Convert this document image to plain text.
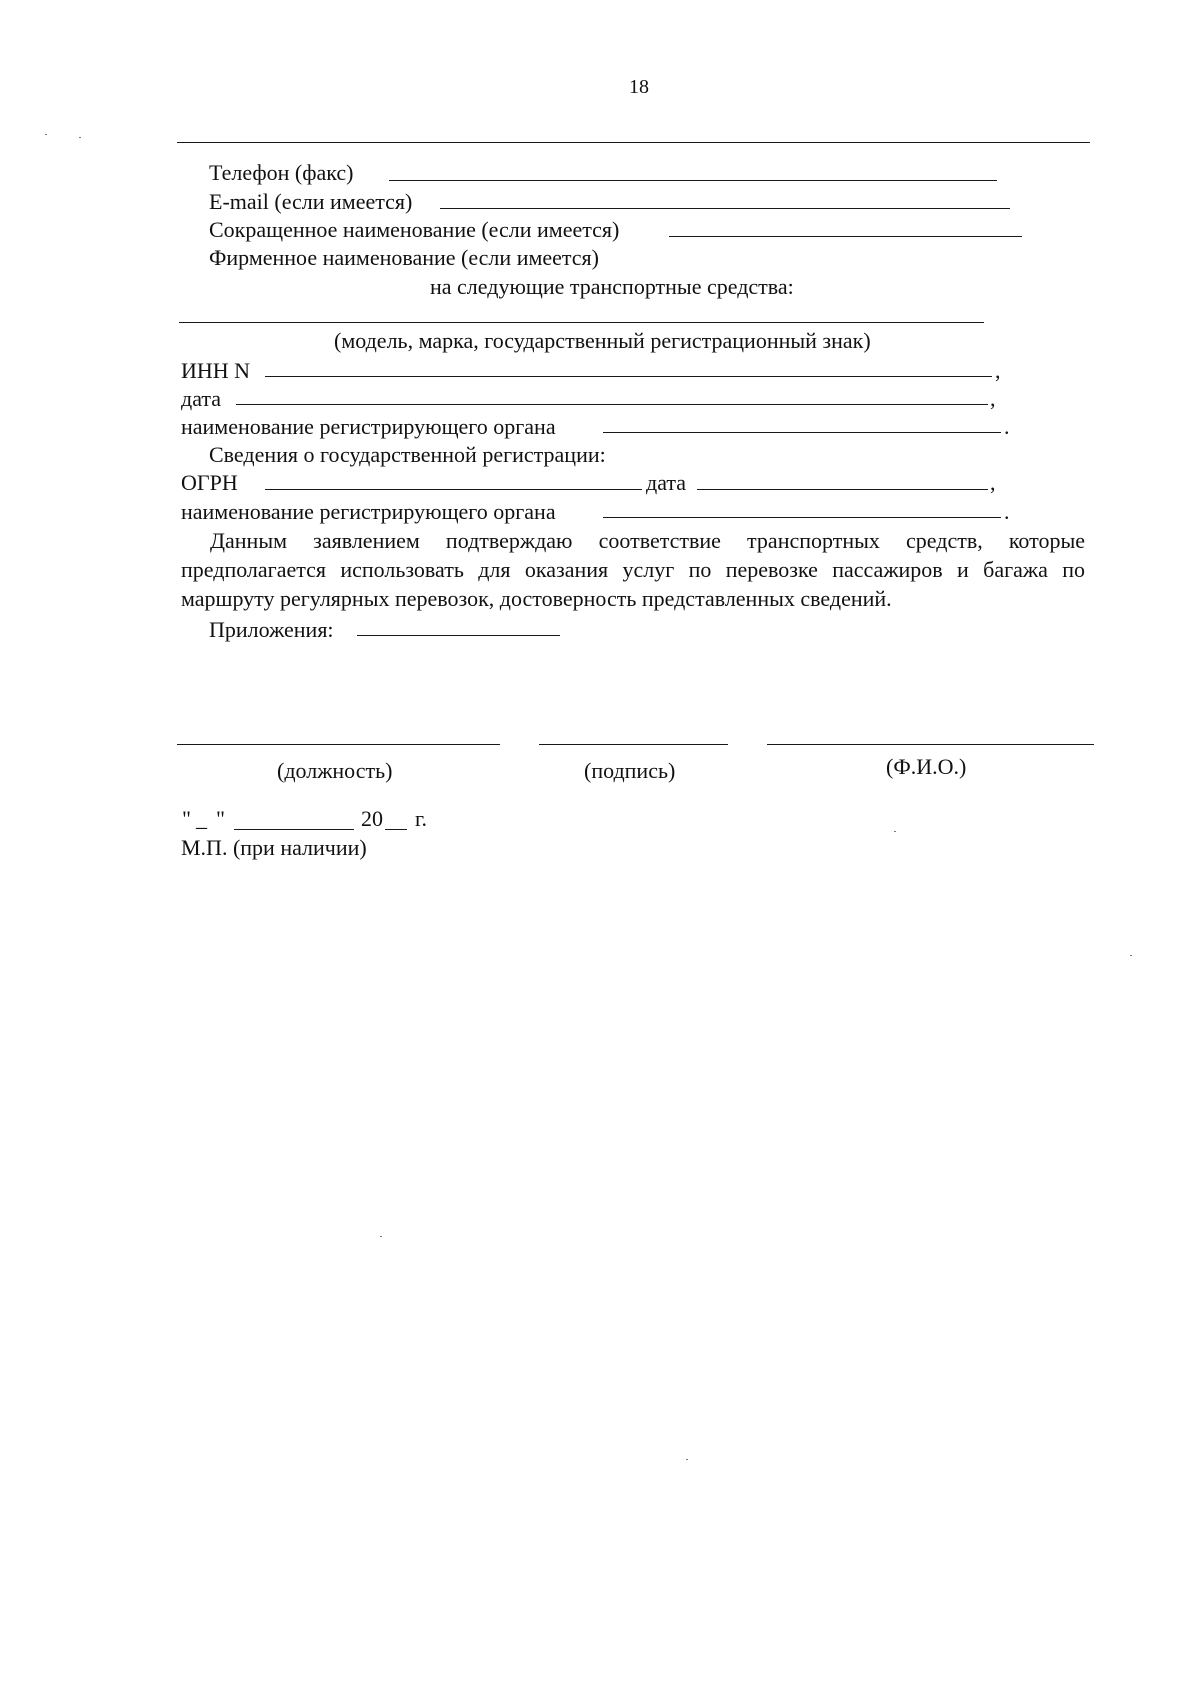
18
Телефон (факс)
E-mail (если имеется)
Сокращенное наименование (если имеется)
Фирменное наименование (если имеется)
на следующие транспортные средства:
(модель, марка, государственный регистрационный знак)
ИНН N	,
дата	,
наименование регистрирующего органа	.
Сведения о государственной регистрации:
ОГРН	дата	,
наименование регистрирующего органа	.
Данным заявлением подтверждаю соответствие транспортных средств, которые предполагается использовать для оказания услуг по перевозке пассажиров и багажа по маршруту регулярных перевозок, достоверность представленных сведений.
Приложения:
(должность)	(подпись)	(Ф.И.О.)
" _ "	20 г.
М.П. (при наличии)
